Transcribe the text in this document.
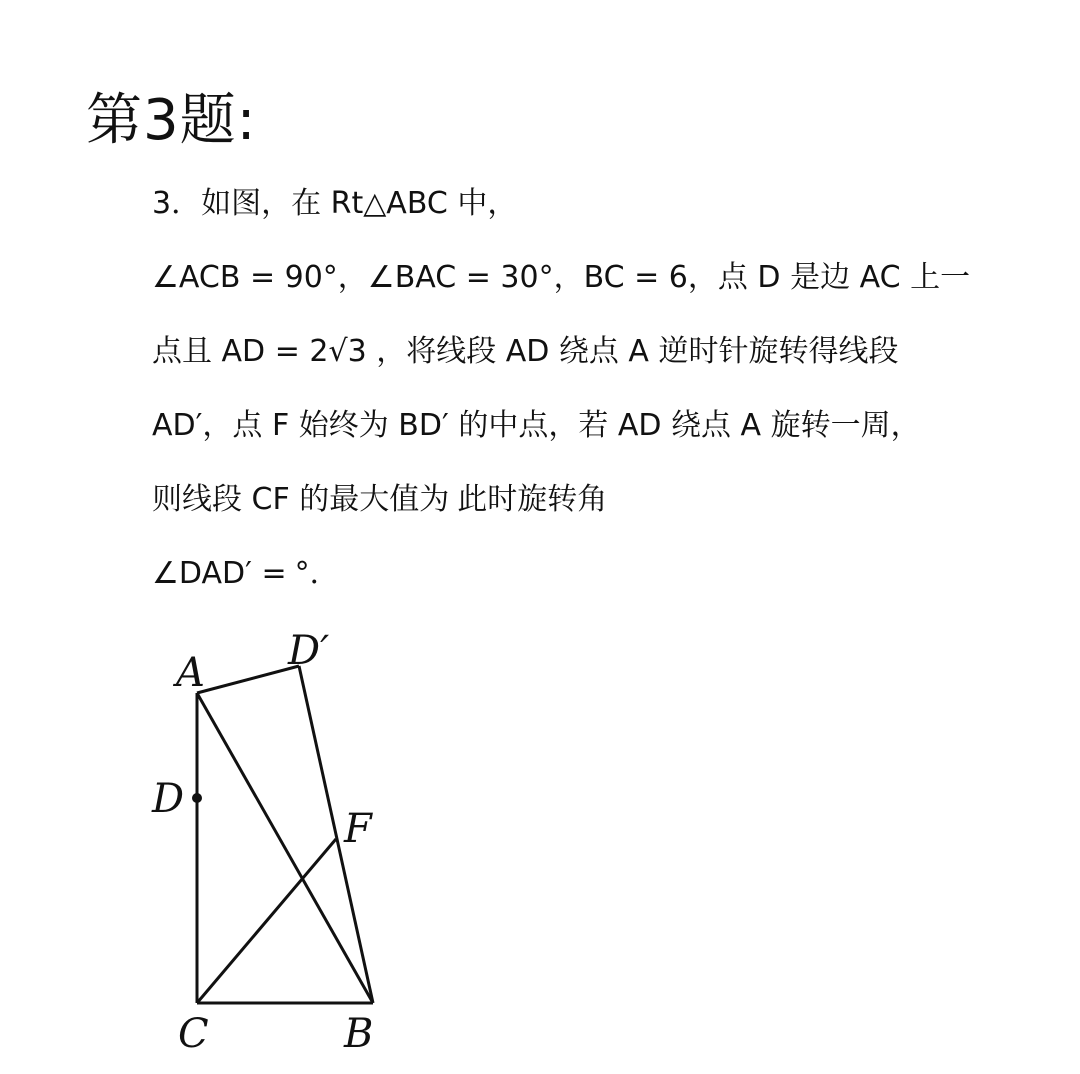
第3题:
3．如图，在 Rt△ABC 中，
∠ACB = 90°，∠BAC = 30°，BC = 6，点 D 是边 AC 上一
点且 AD = 2√3 ，将线段 AD 绕点 A 逆时针旋转得线段
AD′，点 F 始终为 BD′ 的中点，若 AD 绕点 A 旋转一周，
则线段 CF 的最大值为 此时旋转角
∠DAD′ = °．
A D′
D
F
C	B
